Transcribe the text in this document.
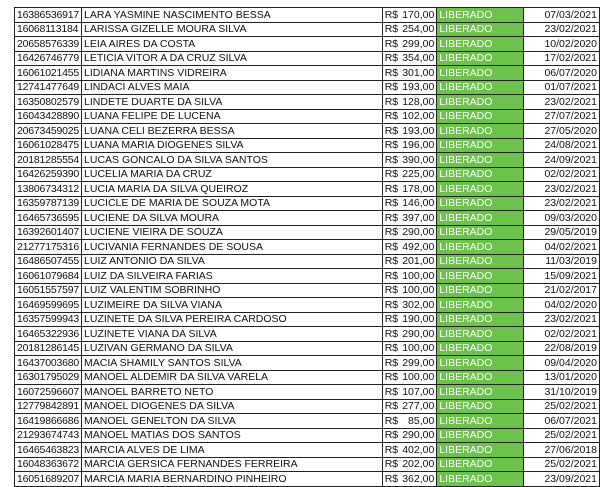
16386536917	LARA YASMINE NASCIMENTO BESSA	R$	170,00	LIBERADO	07/03/2021
16068113184	LARISSA GIZELLE MOURA SILVA	R$	254,00	LIBERADO	23/02/2021
20658576339	LEIA AIRES DA COSTA	R$	299,00	LIBERADO	10/02/2020
16426746779	LETICIA VITOR A DA CRUZ SILVA	R$	354,00	LIBERADO	17/02/2021
16061021455	LIDIANA MARTINS VIDREIRA	R$	301,00	LIBERADO	06/07/2020
12741477649	LINDACI ALVES MAIA	R$	193,00	LIBERADO	01/07/2021
16350802579	LINDETE DUARTE DA SILVA	R$	128,00	LIBERADO	23/02/2021
16043428890	LUANA FELIPE DE LUCENA	R$	102,00	LIBERADO	27/07/2021
20673459025	LUANA CELI BEZERRA BESSA	R$	193,00	LIBERADO	27/05/2020
16061028475	LUANA MARIA DIOGENES SILVA	R$	196,00	LIBERADO	24/08/2021
20181285554	LUCAS GONCALO DA SILVA SANTOS	R$	390,00	LIBERADO	24/09/2021
16426259390	LUCELIA MARIA DA CRUZ	R$	225,00	LIBERADO	02/02/2021
13806734312	LUCIA MARIA DA SILVA QUEIROZ	R$	178,00	LIBERADO	23/02/2021
16359787139	LUCICLE DE MARIA DE SOUZA MOTA	R$	146,00	LIBERADO	23/02/2021
16465736595	LUCIENE DA SILVA MOURA	R$	397,00	LIBERADO	09/03/2020
16392601407	LUCIENE VIEIRA DE SOUZA	R$	290,00	LIBERADO	29/05/2019
21277175316	LUCIVANIA FERNANDES DE SOUSA	R$	492,00	LIBERADO	04/02/2021
16486507455	LUIZ ANTONIO DA SILVA	R$	201,00	LIBERADO	11/03/2019
16061079684	LUIZ DA SILVEIRA FARIAS	R$	100,00	LIBERADO	15/09/2021
16051557597	LUIZ VALENTIM SOBRINHO	R$	100,00	LIBERADO	21/02/2017
16469599695	LUZIMEIRE DA SILVA VIANA	R$	302,00	LIBERADO	04/02/2020
16357599943	LUZINETE DA SILVA PEREIRA CARDOSO	R$	190,00	LIBERADO	23/02/2021
16465322936	LUZINETE VIANA DA SILVA	R$	290,00	LIBERADO	02/02/2021
20181286145	LUZIVAN GERMANO DA SILVA	R$	100,00	LIBERADO	22/08/2019
16437003680	MACIA SHAMILY SANTOS SILVA	R$	299,00	LIBERADO	09/04/2020
16301795029	MANOEL ALDEMIR DA SILVA VARELA	R$	100,00	LIBERADO	13/01/2020
16072596607	MANOEL BARRETO NETO	R$	107,00	LIBERADO	31/10/2019
12779842891	MANOEL DIOGENES DA SILVA	R$	277,00	LIBERADO	25/02/2021
16419866686	MANOEL GENELTON DA SILVA	R$	85,00	LIBERADO	06/07/2021
21293674743	MANOEL MATIAS DOS SANTOS	R$	290,00	LIBERADO	25/02/2021
16465463823	MARCIA ALVES DE LIMA	R$	402,00	LIBERADO	27/06/2018
16048363672	MARCIA GERSICA FERNANDES FERREIRA	R$	202,00	LIBERADO	25/02/2021
16051689207	MARCIA MARIA BERNARDINO PINHEIRO	R$	362,00	LIBERADO	23/09/2021
